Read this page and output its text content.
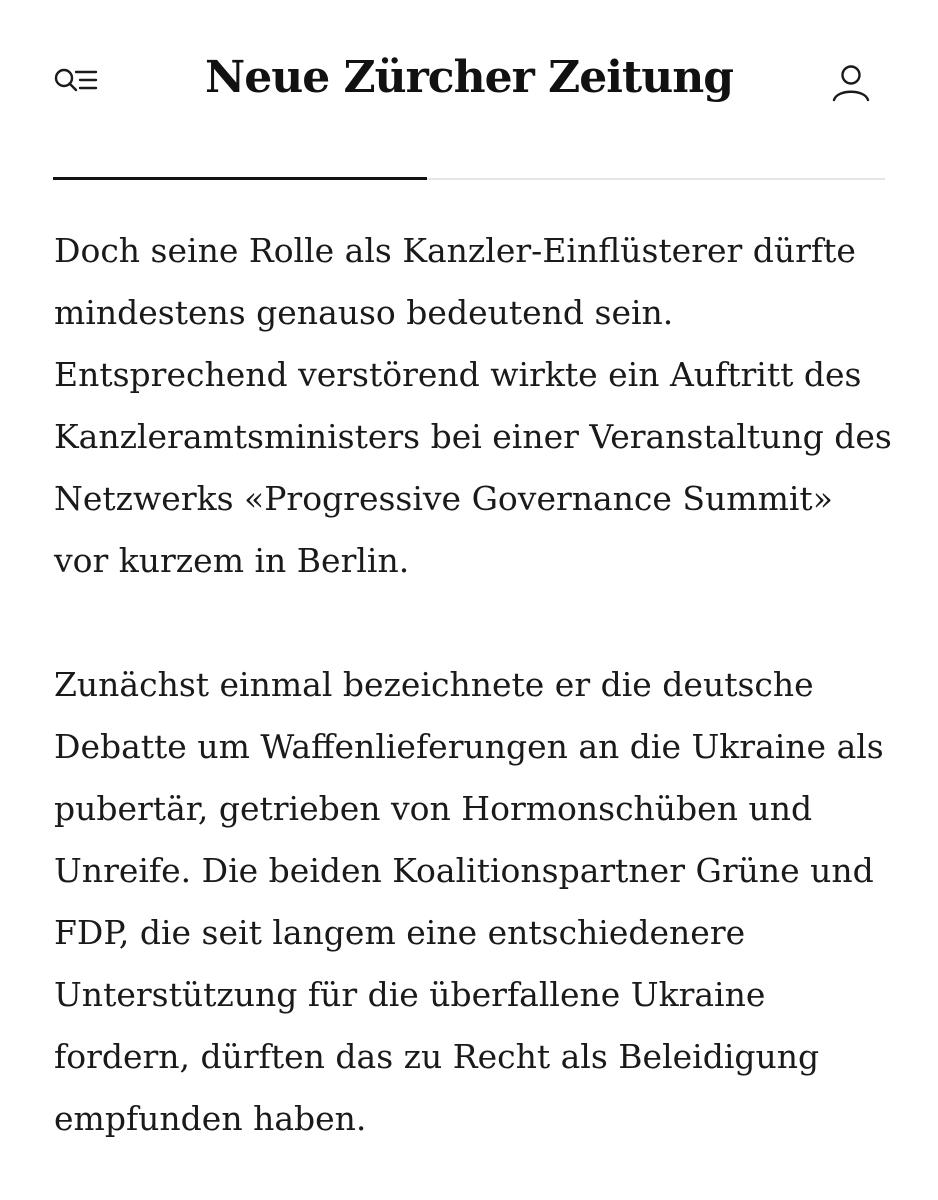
Neue Zürcher Zeitung

Doch seine Rolle als Kanzler-Einflüsterer dürfte mindestens genauso bedeutend sein. Entsprechend verstörend wirkte ein Auftritt des Kanzleramtsministers bei einer Veranstaltung des Netzwerks «Progressive Governance Summit» vor kurzem in Berlin.

Zunächst einmal bezeichnete er die deutsche Debatte um Waffenlieferungen an die Ukraine als pubertär, getrieben von Hormonschüben und Unreife. Die beiden Koalitionspartner Grüne und FDP, die seit langem eine entschiedenere Unterstützung für die überfallene Ukraine fordern, dürften das zu Recht als Beleidigung empfunden haben.
